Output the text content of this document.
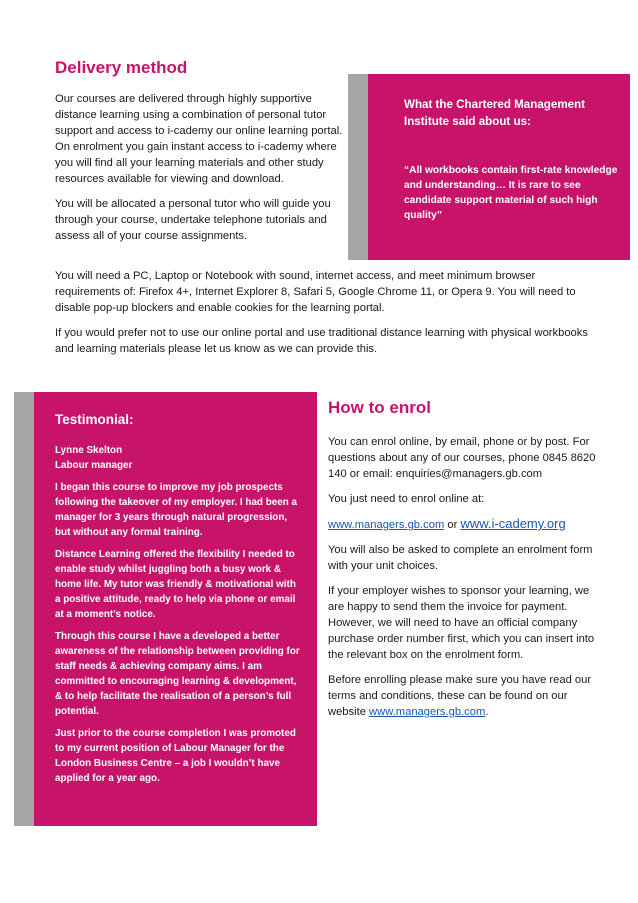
Delivery method

Our courses are delivered through highly supportive distance learning using a combination of personal tutor support and access to i-cademy our online learning portal. On enrolment you gain instant access to i-cademy where you will find all your learning materials and other study resources available for viewing and download.

You will be allocated a personal tutor who will guide you through your course, undertake telephone tutorials and assess all of your course assignments.

What the Chartered Management Institute said about us:
“All workbooks contain first-rate knowledge and understanding… It is rare to see candidate support material of such high quality”

You will need a PC, Laptop or Notebook with sound, internet access, and meet minimum browser requirements of: Firefox 4+, Internet Explorer 8, Safari 5, Google Chrome 11, or Opera 9. You will need to disable pop-up blockers and enable cookies for the learning portal.

If you would prefer not to use our online portal and use traditional distance learning with physical workbooks and learning materials please let us know as we can provide this.

Testimonial:

Lynne Skelton
Labour manager

I began this course to improve my job prospects following the takeover of my employer. I had been a manager for 3 years through natural progression, but without any formal training.

Distance Learning offered the flexibility I needed to enable study whilst juggling both a busy work & home life. My tutor was friendly & motivational with a positive attitude, ready to help via phone or email at a moment’s notice.

Through this course I have a developed a better awareness of the relationship between providing for staff needs & achieving company aims. I am committed to encouraging learning & development, & to help facilitate the realisation of a person’s full potential.

Just prior to the course completion I was promoted to my current position of Labour Manager for the London Business Centre – a job I wouldn’t have applied for a year ago.

How to enrol

You can enrol online, by email, phone or by post. For questions about any of our courses, phone 0845 8620 140 or email: enquiries@managers.gb.com

You just need to enrol online at:

www.managers.gb.com or www.i-cademy.org

You will also be asked to complete an enrolment form with your unit choices.

If your employer wishes to sponsor your learning, we are happy to send them the invoice for payment. However, we will need to have an official company purchase order number first, which you can insert into the relevant box on the enrolment form.

Before enrolling please make sure you have read our terms and conditions, these can be found on our website www.managers.gb.com.
